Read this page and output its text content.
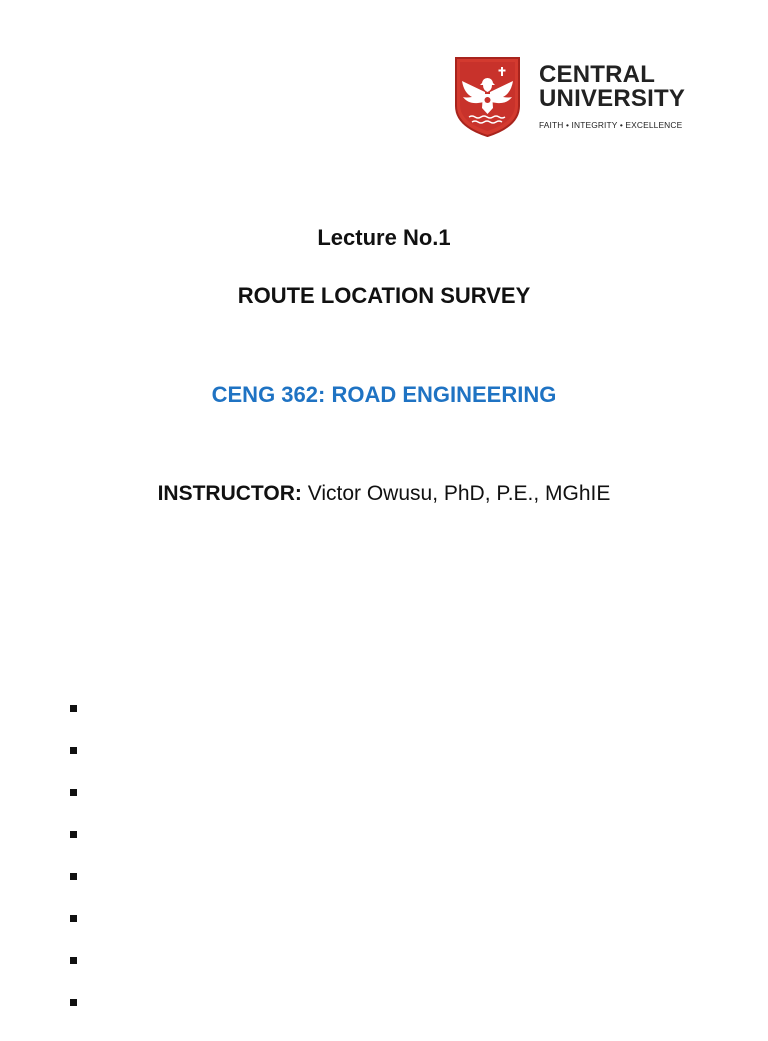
CENTRAL
UNIVERSITY
FAITH • INTEGRITY • EXCELLENCE
Lecture No.1
ROUTE LOCATION SURVEY
CENG 362: ROAD ENGINEERING
INSTRUCTOR: Victor Owusu, PhD, P.E., MGhIE
